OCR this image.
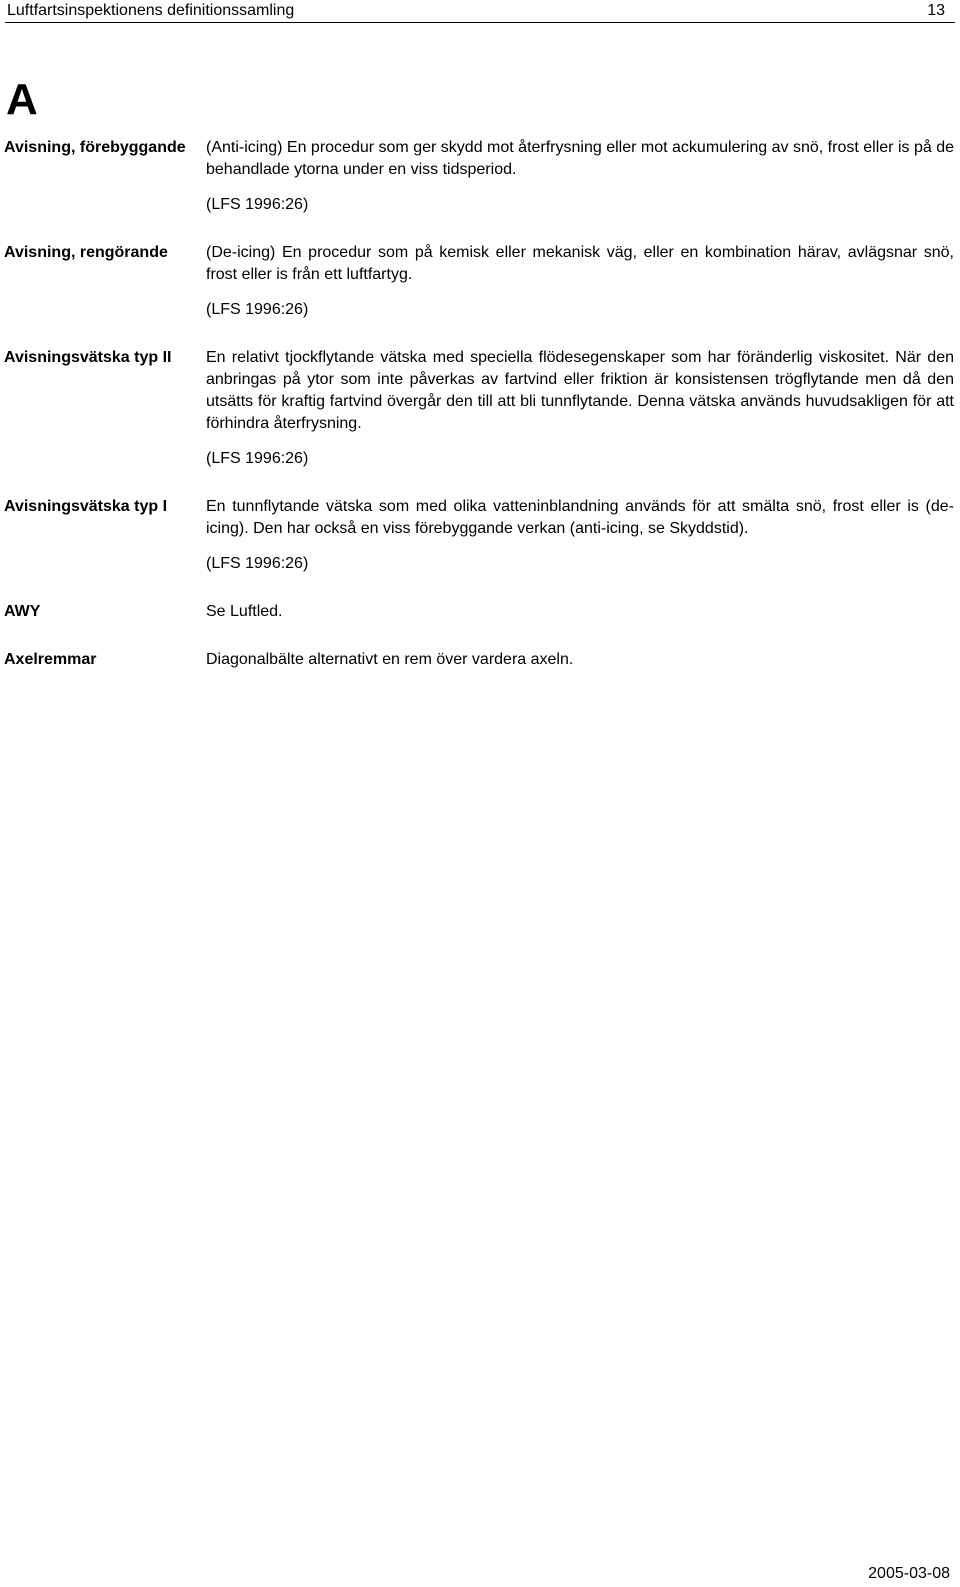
Luftfartsinspektionens definitionssamling	13
A
Avisning, förebyggande	(Anti-icing) En procedur som ger skydd mot återfrysning eller mot ackumulering av snö, frost eller is på de behandlade ytorna under en viss tidsperiod.

(LFS 1996:26)

Avisning, rengörande	(De-icing) En procedur som på kemisk eller mekanisk väg, eller en kombination härav, avlägsnar snö, frost eller is från ett luftfartyg.

(LFS 1996:26)

Avisningsvätska typ II	En relativt tjockflytande vätska med speciella flödesegenskaper som har föränderlig viskositet. När den anbringas på ytor som inte påverkas av fartvind eller friktion är konsistensen trögflytande men då den utsätts för kraftig fartvind övergår den till att bli tunnflytande. Denna vätska används huvudsakligen för att förhindra återfrysning.

(LFS 1996:26)

Avisningsvätska typ I	En tunnflytande vätska som med olika vatteninblandning används för att smälta snö, frost eller is (de-icing). Den har också en viss förebyggande verkan (anti-icing, se Skyddstid).

(LFS 1996:26)

AWY	Se Luftled.

Axelremmar	Diagonalbälte alternativt en rem över vardera axeln.

2005-03-08
